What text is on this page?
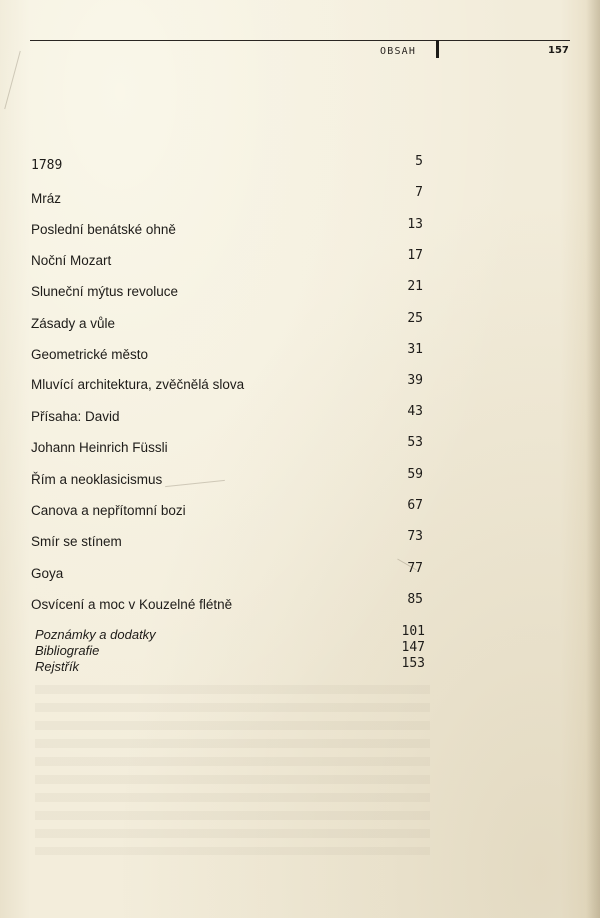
OBSAH	157
1789	5
Mráz	7
Poslední benátské ohně	13
Noční Mozart	17
Sluneční mýtus revoluce	21
Zásady a vůle	25
Geometrické město	31
Mluvící architektura, zvěčnělá slova	39
Přísaha: David	43
Johann Heinrich Füssli	53
Řím a neoklasicismus	59
Canova a nepřítomní bozi	67
Smír se stínem	73
Goya	77
Osvícení a moc v Kouzelné flétně	85
Poznámky a dodatky	101
Bibliografie	147
Rejstřík	153
